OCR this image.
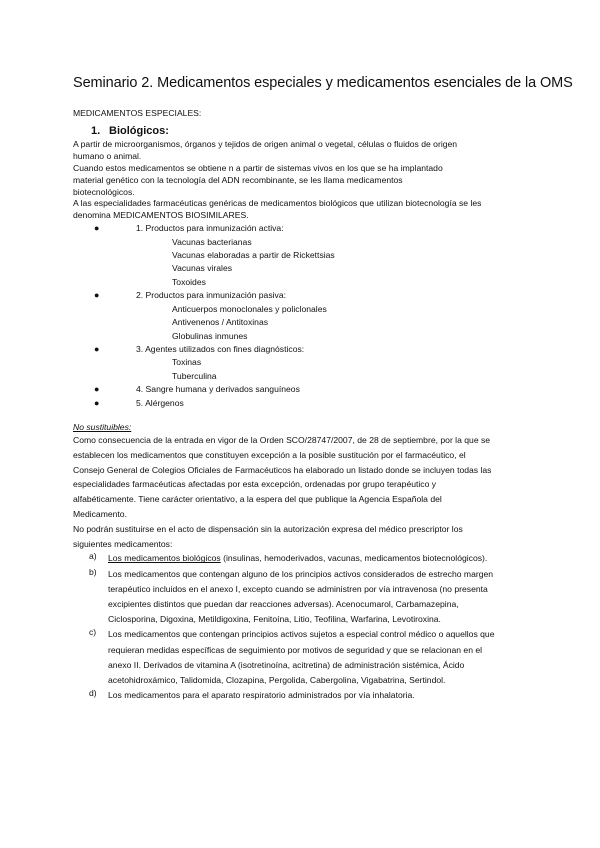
Seminario 2. Medicamentos especiales y medicamentos esenciales de la OMS
MEDICAMENTOS ESPECIALES:
1. Biológicos:
A partir de microorganismos, órganos y tejidos de origen animal o vegetal, células o fluidos de origen
humano o animal.
Cuando estos medicamentos se obtiene n a partir de sistemas vivos en los que se ha implantado
material genético con la tecnología del ADN recombinante, se les llama medicamentos
biotecnológicos.
A las especialidades farmacéuticas genéricas de medicamentos biológicos que utilizan biotecnología se les
denomina MEDICAMENTOS BIOSIMILARES.
●	1. Productos para inmunización activa:
Vacunas bacterianas
Vacunas elaboradas a partir de Rickettsias
Vacunas virales
Toxoides
●	2. Productos para inmunización pasiva:
Anticuerpos monoclonales y policlonales
Antivenenos / Antitoxinas
Globulinas inmunes
●	3. Agentes utilizados con fines diagnósticos:
Toxinas
Tuberculina
●	4. Sangre humana y derivados sanguíneos
●	5. Alérgenos
No sustituibles:
Como consecuencia de la entrada en vigor de la Orden SCO/28747/2007, de 28 de septiembre, por la que se
establecen los medicamentos que constituyen excepción a la posible sustitución por el farmacéutico, el
Consejo General de Colegios Oficiales de Farmacéuticos ha elaborado un listado donde se incluyen todas las
especialidades farmacéuticas afectadas por esta excepción, ordenadas por grupo terapéutico y
alfabéticamente. Tiene carácter orientativo, a la espera del que publique la Agencia Española del
Medicamento.
No podrán sustituirse en el acto de dispensación sin la autorización expresa del médico prescriptor los
siguientes medicamentos:
a) Los medicamentos biológicos (insulinas, hemoderivados, vacunas, medicamentos biotecnológicos).
b) Los medicamentos que contengan alguno de los principios activos considerados de estrecho margen
terapéutico incluidos en el anexo I, excepto cuando se administren por vía intravenosa (no presenta
excipientes distintos que puedan dar reacciones adversas). Acenocumarol, Carbamazepina,
Ciclosporina, Digoxina, Metildigoxina, Fenitoína, Litio, Teofilina, Warfarina, Levotiroxina.
c) Los medicamentos que contengan principios activos sujetos a especial control médico o aquellos que
requieran medidas específicas de seguimiento por motivos de seguridad y que se relacionan en el
anexo II. Derivados de vitamina A (isotretinoína, acitretina) de administración sistémica, Ácido
acetohidroxámico, Talidomida, Clozapina, Pergolida, Cabergolina, Vigabatrina, Sertindol.
d) Los medicamentos para el aparato respiratorio administrados por vía inhalatoria.
